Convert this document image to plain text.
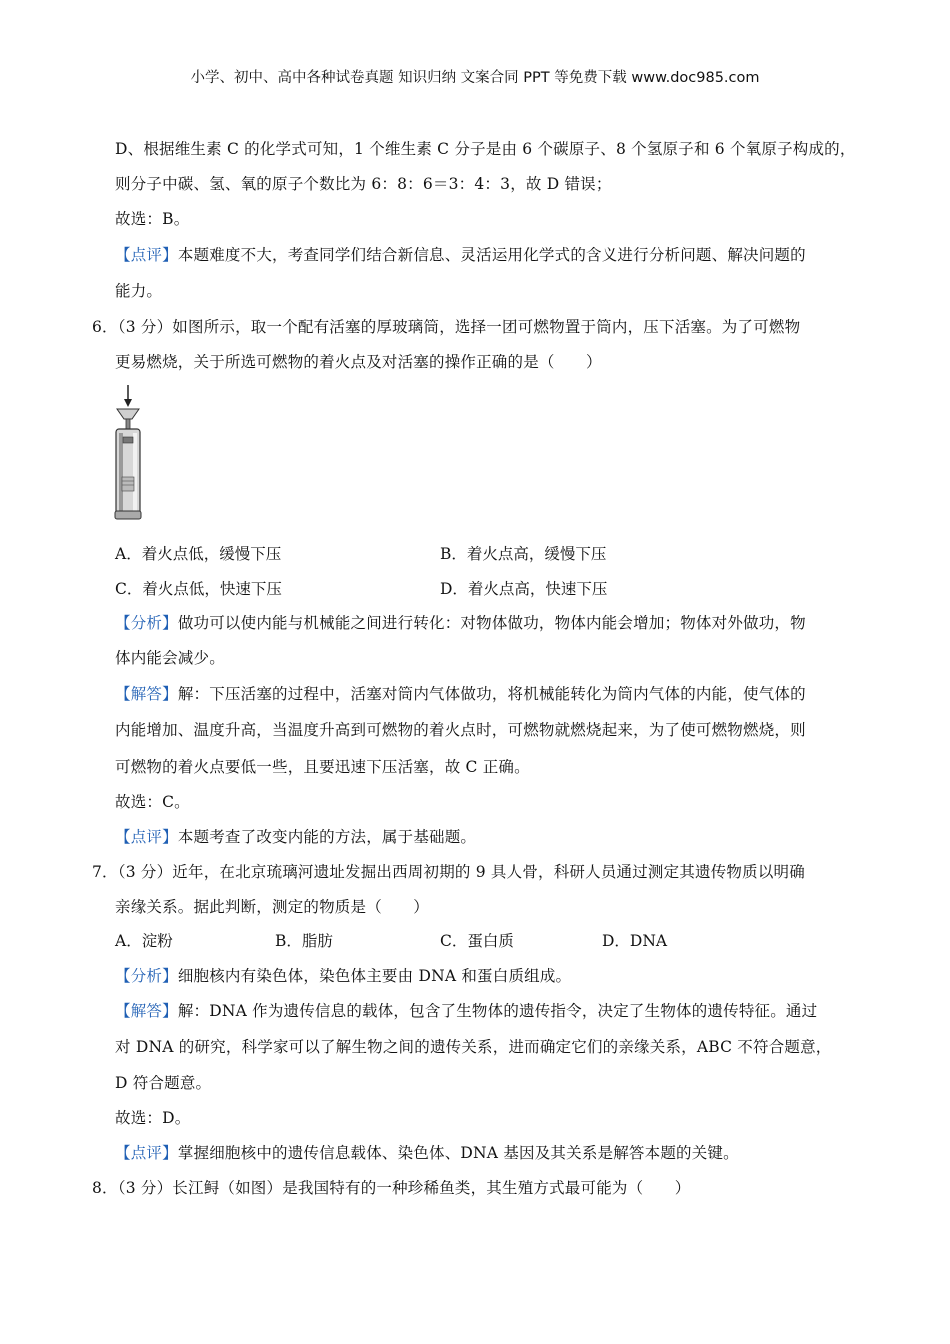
小学、初中、高中各种试卷真题 知识归纳 文案合同 PPT 等免费下载 www.doc985.com
D、根据维生素 C 的化学式可知，1 个维生素 C 分子是由 6 个碳原子、8 个氢原子和 6 个氧原子构成的，
则分子中碳、氢、氧的原子个数比为 6：8：6＝3：4：3，故 D 错误；
故选：B。
【点评】本题难度不大，考查同学们结合新信息、灵活运用化学式的含义进行分析问题、解决问题的
能力。
6．（3 分）如图所示，取一个配有活塞的厚玻璃筒，选择一团可燃物置于筒内，压下活塞。为了可燃物
更易燃烧，关于所选可燃物的着火点及对活塞的操作正确的是（　　）
A．着火点低，缓慢下压	B．着火点高，缓慢下压
C．着火点低，快速下压	D．着火点高，快速下压
【分析】做功可以使内能与机械能之间进行转化：对物体做功，物体内能会增加；物体对外做功，物
体内能会减少。
【解答】解：下压活塞的过程中，活塞对筒内气体做功，将机械能转化为筒内气体的内能，使气体的
内能增加、温度升高，当温度升高到可燃物的着火点时，可燃物就燃烧起来，为了使可燃物燃烧，则
可燃物的着火点要低一些，且要迅速下压活塞，故 C 正确。
故选：C。
【点评】本题考查了改变内能的方法，属于基础题。
7．（3 分）近年，在北京琉璃河遗址发掘出西周初期的 9 具人骨，科研人员通过测定其遗传物质以明确
亲缘关系。据此判断，测定的物质是（　　）
A．淀粉	B．脂肪	C．蛋白质	D．DNA
【分析】细胞核内有染色体，染色体主要由 DNA 和蛋白质组成。
【解答】解：DNA 作为遗传信息的载体，包含了生物体的遗传指令，决定了生物体的遗传特征。通过
对 DNA 的研究，科学家可以了解生物之间的遗传关系，进而确定它们的亲缘关系，ABC 不符合题意，
D 符合题意。
故选：D。
【点评】掌握细胞核中的遗传信息载体、染色体、DNA 基因及其关系是解答本题的关键。
8．（3 分）长江鲟（如图）是我国特有的一种珍稀鱼类，其生殖方式最可能为（　　）
